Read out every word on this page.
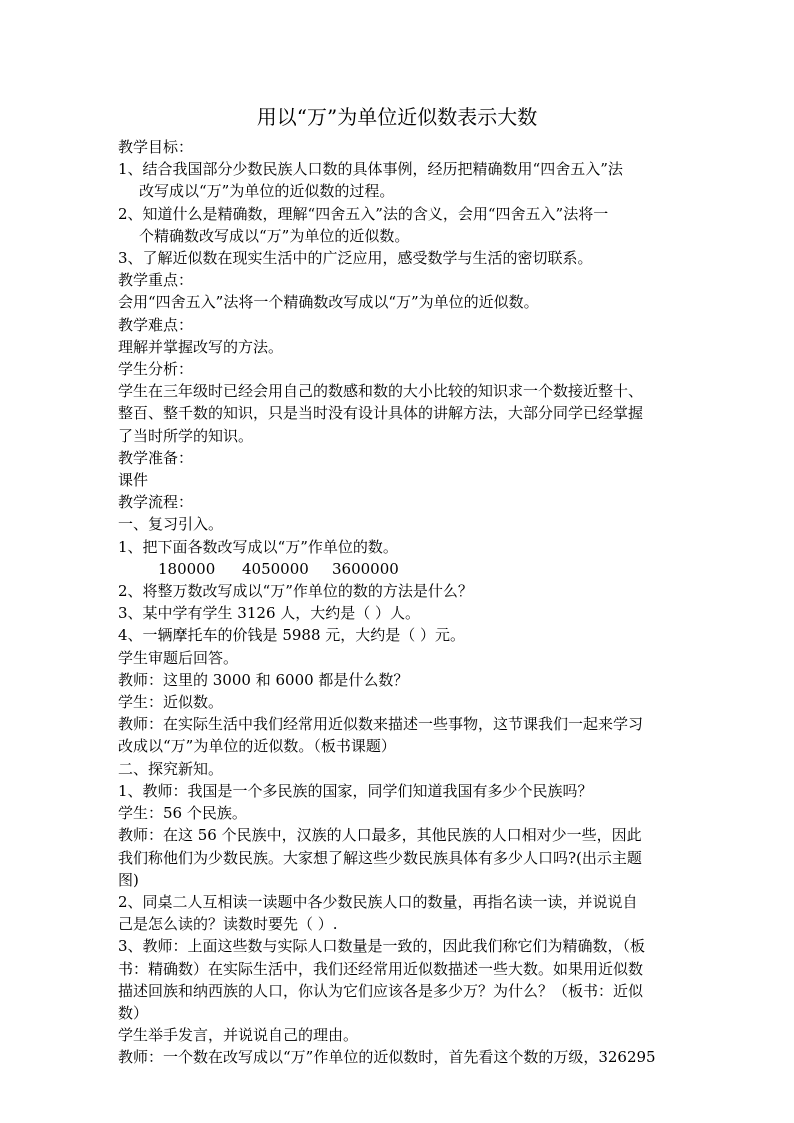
用以“万”为单位近似数表示大数

教学目标：

1、结合我国部分少数民族人口数的具体事例，经历把精确数用“四舍五入”法

改写成以“万”为单位的近似数的过程。

2、知道什么是精确数，理解“四舍五入”法的含义，会用“四舍五入”法将一

个精确数改写成以“万”为单位的近似数。

3、了解近似数在现实生活中的广泛应用，感受数学与生活的密切联系。

教学重点：

会用“四舍五入”法将一个精确数改写成以“万”为单位的近似数。

教学难点：

理解并掌握改写的方法。

学生分析：

学生在三年级时已经会用自己的数感和数的大小比较的知识求一个数接近整十、

整百、整千数的知识，只是当时没有设计具体的讲解方法，大部分同学已经掌握

了当时所学的知识。

教学准备：

课件

教学流程：

一、复习引入。

1、把下面各数改写成以“万”作单位的数。

180000 4050000 3600000

2、将整万数改写成以“万”作单位的数的方法是什么？

3、某中学有学生 3126 人，大约是（ ）人。

4、一辆摩托车的价钱是 5988 元，大约是（ ）元。

学生审题后回答。

教师：这里的 3000 和 6000 都是什么数？

学生：近似数。

教师：在实际生活中我们经常用近似数来描述一些事物，这节课我们一起来学习

改成以“万”为单位的近似数。（板书课题）

二、探究新知。

1、教师：我国是一个多民族的国家，同学们知道我国有多少个民族吗？

学生：56 个民族。

教师：在这 56 个民族中，汉族的人口最多，其他民族的人口相对少一些，因此

我们称他们为少数民族。大家想了解这些少数民族具体有多少人口吗?(出示主题

图)

2、同桌二人互相读一读题中各少数民族人口的数量，再指名读一读，并说说自

己是怎么读的？读数时要先（ ）.

3、教师：上面这些数与实际人口数量是一致的，因此我们称它们为精确数，（板

书：精确数）在实际生活中，我们还经常用近似数描述一些大数。如果用近似数

描述回族和纳西族的人口，你认为它们应该各是多少万？为什么？（板书：近似

数）

学生举手发言，并说说自己的理由。

教师：一个数在改写成以“万”作单位的近似数时，首先看这个数的万级，326295
